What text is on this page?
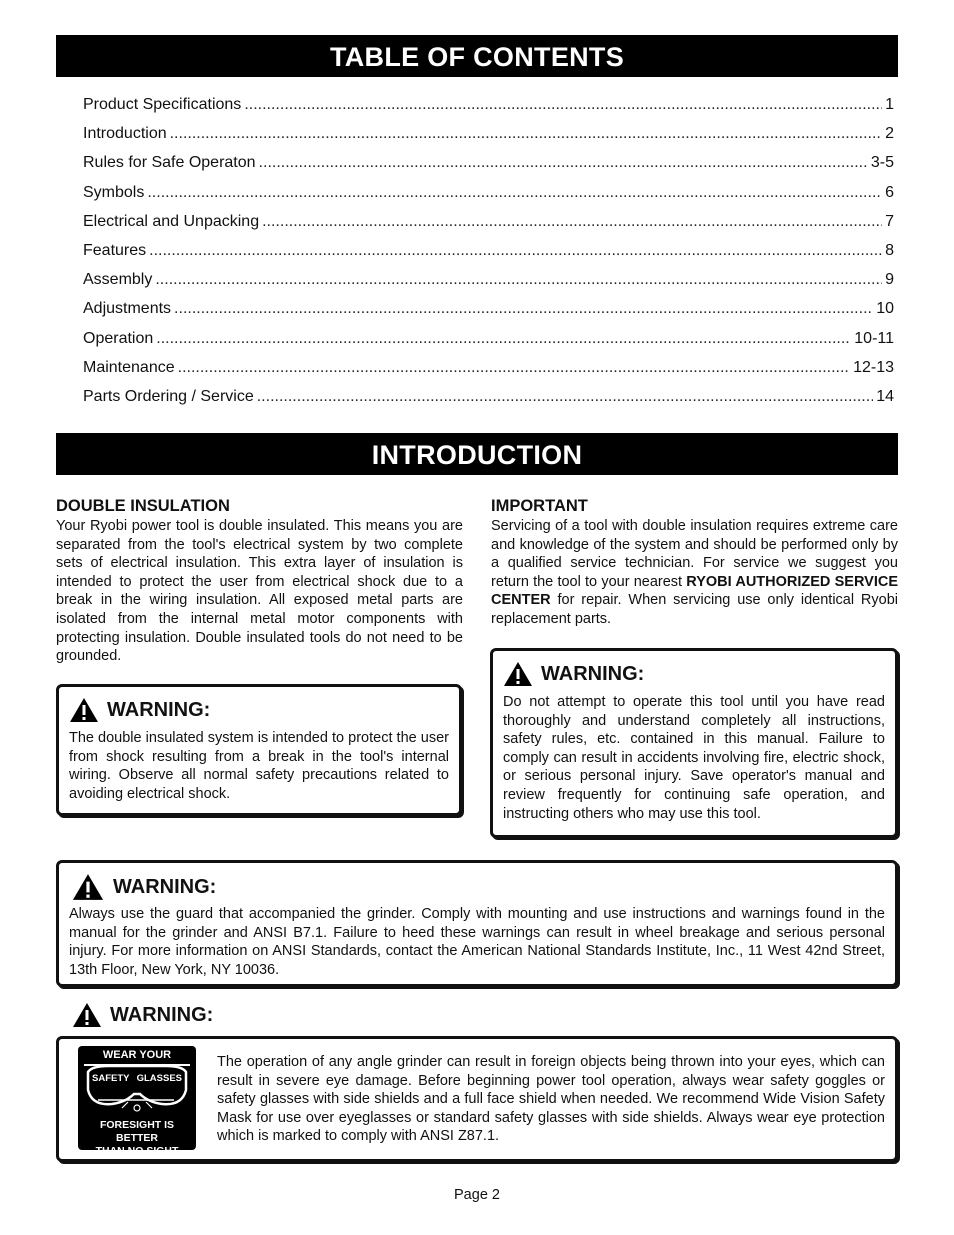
TABLE OF CONTENTS
Product Specifications .....	1
Introduction .....	2
Rules for Safe Operaton .....	3-5
Symbols .....	6
Electrical and Unpacking .....	7
Features .....	8
Assembly .....	9
Adjustments .....	10
Operation .....	10-11
Maintenance .....	12-13
Parts Ordering / Service .....	14
INTRODUCTION
DOUBLE INSULATION

Your Ryobi power tool is double insulated. This means you are separated from the tool's electrical system by two complete sets of electrical insulation. This extra layer of insulation is intended to protect the user from electrical shock due to a break in the wiring insulation. All exposed metal parts are isolated from the internal metal motor components with protecting insulation. Double insulated tools do not need to be grounded.

IMPORTANT

Servicing of a tool with double insulation requires extreme care and knowledge of the system and should be performed only by a qualified service technician. For service we suggest you return the tool to your nearest RYOBI AUTHORIZED SERVICE CENTER for repair. When servicing use only identical Ryobi replacement parts.

WARNING:
The double insulated system is intended to protect the user from shock resulting from a break in the tool's internal wiring. Observe all normal safety precautions related to avoiding electrical shock.
WARNING:
Do not attempt to operate this tool until you have read thoroughly and understand completely all instructions, safety rules, etc. contained in this manual. Failure to comply can result in accidents involving fire, electric shock, or serious personal injury. Save operator's manual and review frequently for continuing safe operation, and instructing others who may use this tool.
WARNING:
Always use the guard that accompanied the grinder. Comply with mounting and use instructions and warnings found in the manual for the grinder and ANSI B7.1. Failure to heed these warnings can result in wheel breakage and serious personal injury. For more information on ANSI Standards, contact the American National Standards Institute, Inc., 11 West 42nd Street, 13th Floor, New York, NY 10036.
WARNING:
The operation of any angle grinder can result in foreign objects being thrown into your eyes, which can result in severe eye damage. Before beginning power tool operation, always wear safety goggles or safety glasses with side shields and a full face shield when needed. We recommend Wide Vision Safety Mask for use over eyeglasses or standard safety glasses with side shields. Always wear eye protection which is marked to comply with ANSI Z87.1.
WEAR YOUR
SAFETY GLASSES
FORESIGHT IS BETTER
THAN NO SIGHT
Page 2
